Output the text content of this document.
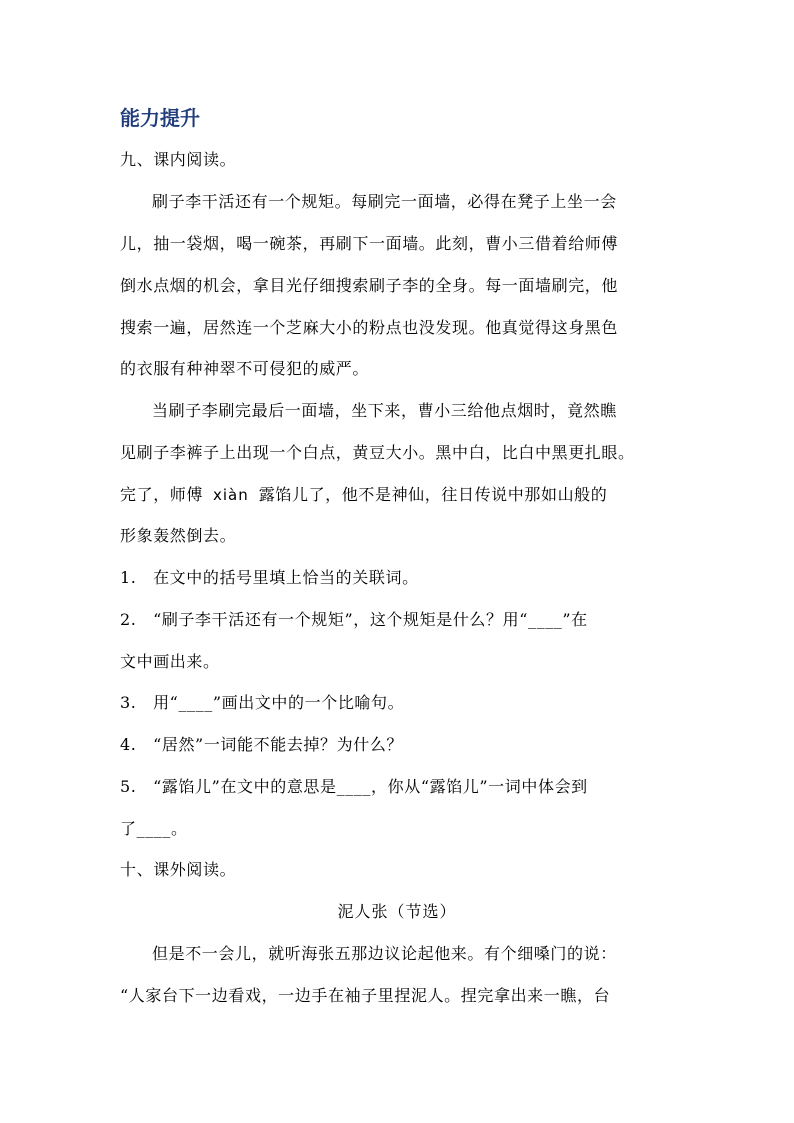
能力提升
九、课内阅读。
刷子李干活还有一个规矩。每刷完一面墙，必得在凳子上坐一会
儿，抽一袋烟，喝一碗茶，再刷下一面墙。此刻，曹小三借着给师傅
倒水点烟的机会，拿目光仔细搜索刷子李的全身。每一面墙刷完，他
搜索一遍，居然连一个芝麻大小的粉点也没发现。他真觉得这身黑色
的衣服有种神翠不可侵犯的威严。
当刷子李刷完最后一面墙，坐下来，曹小三给他点烟时，竟然瞧
见刷子李裤子上出现一个白点，黄豆大小。黑中白，比白中黑更扎眼。
完了，师傅 xiàn 露馅儿了，他不是神仙，往日传说中那如山般的
形象轰然倒去。
1.　在文中的括号里填上恰当的关联词。
2.　“刷子李干活还有一个规矩”，这个规矩是什么？用“____”在
文中画出来。
3.　用“____”画出文中的一个比喻句。
4.　“居然”一词能不能去掉？为什么？
5.　“露馅儿”在文中的意思是____，你从“露馅儿”一词中体会到
了____。
十、课外阅读。
泥人张（节选）
但是不一会儿，就听海张五那边议论起他来。有个细嗓门的说：
“人家台下一边看戏，一边手在袖子里捏泥人。捏完拿出来一瞧，台
